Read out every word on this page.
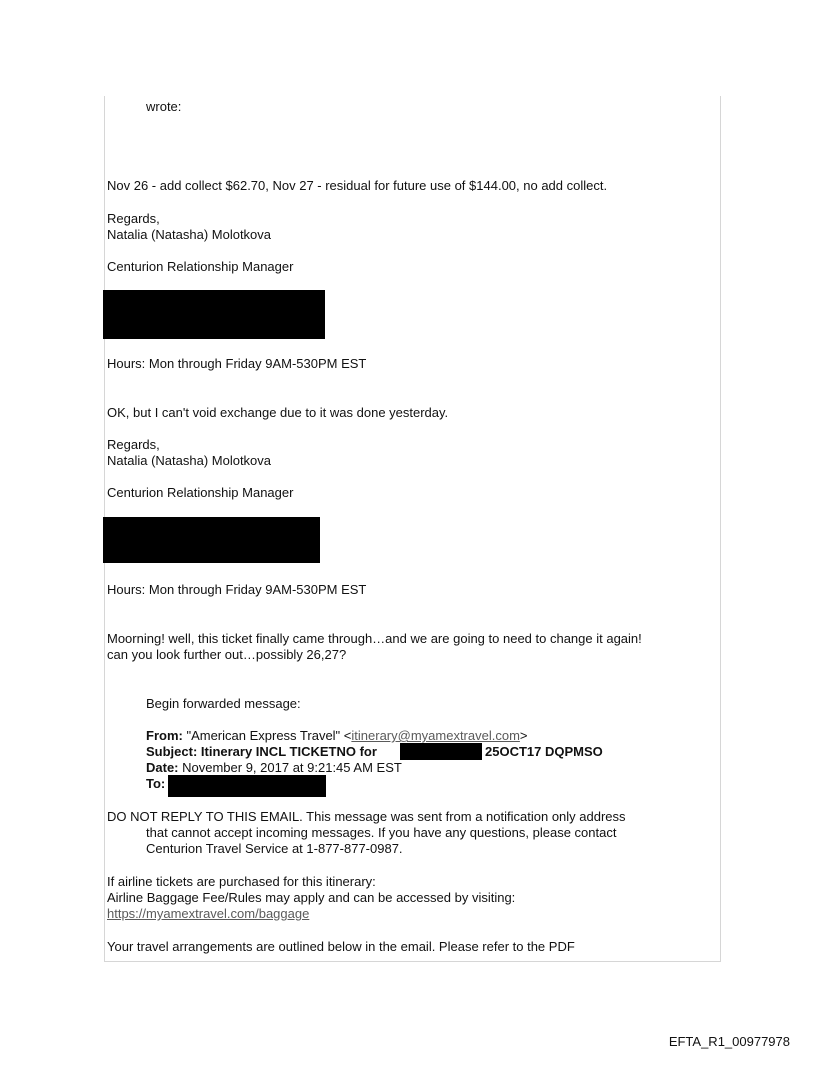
wrote:
Nov 26 - add collect $62.70, Nov 27 - residual for future use of $144.00, no add collect.
Regards,
Natalia (Natasha) Molotkova
Centurion Relationship Manager
Hours: Mon through Friday 9AM-530PM EST
OK, but I can't void exchange due to it was done yesterday.
Regards,
Natalia (Natasha) Molotkova
Centurion Relationship Manager
Hours: Mon through Friday 9AM-530PM EST
Moorning! well, this ticket finally came through…and we are going to need to change it again!
can you look further out…possibly 26,27?
Begin forwarded message:
From: "American Express Travel" <itinerary@myamextravel.com>
Subject: Itinerary INCL TICKETNO for	25OCT17 DQPMSO
Date: November 9, 2017 at 9:21:45 AM EST
To:
DO NOT REPLY TO THIS EMAIL. This message was sent from a notification only address
that cannot accept incoming messages. If you have any questions, please contact
Centurion Travel Service at 1-877-877-0987.
If airline tickets are purchased for this itinerary:
Airline Baggage Fee/Rules may apply and can be accessed by visiting:
https://myamextravel.com/baggage
Your travel arrangements are outlined below in the email. Please refer to the PDF
EFTA_R1_00977978
